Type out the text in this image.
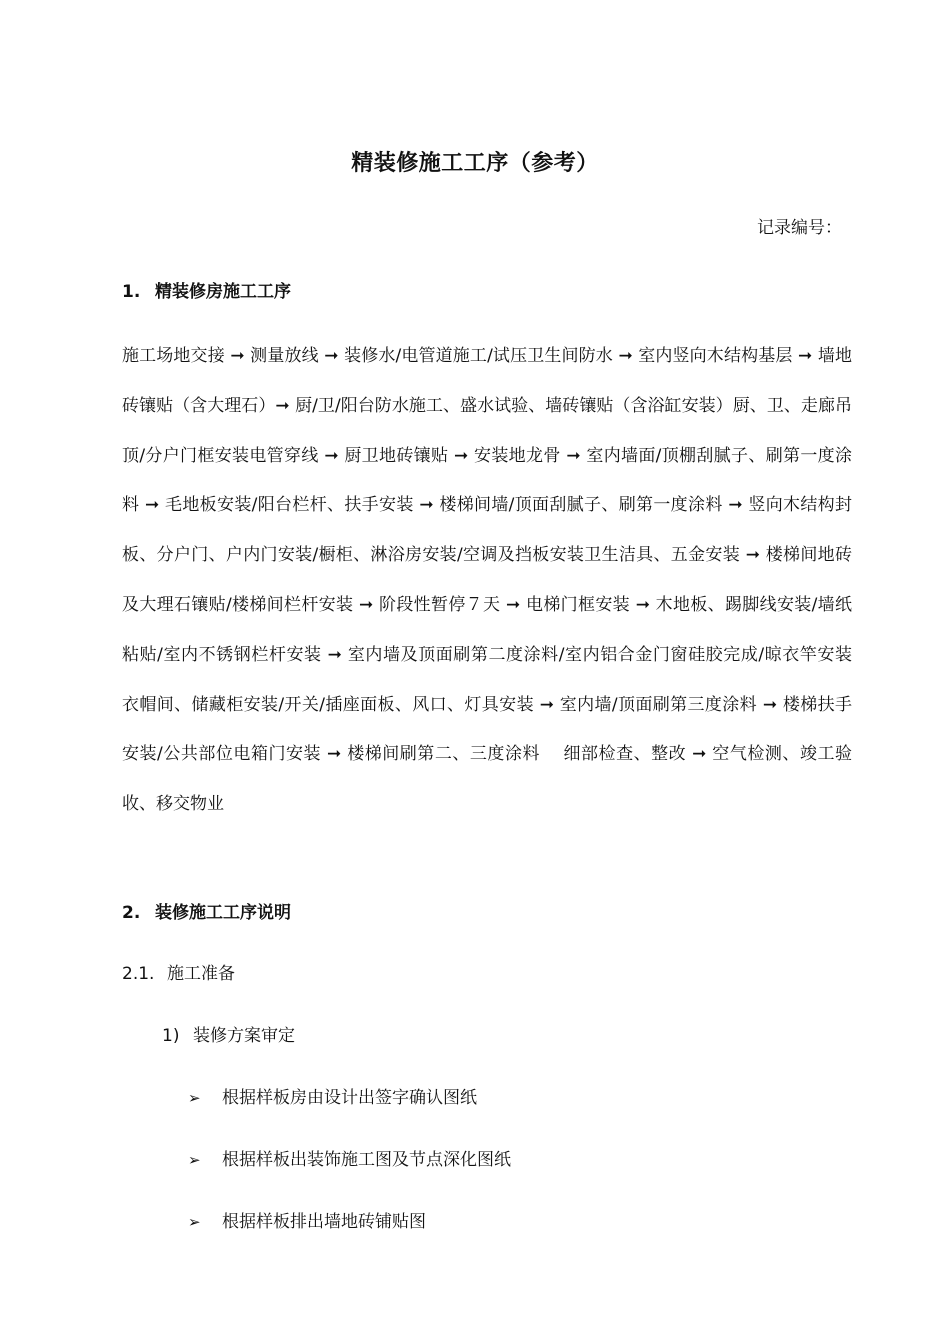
精装修施工工序（参考）
记录编号：
1. 精装修房施工工序

施工场地交接 ➞ 测量放线 ➞ 装修水/电管道施工/试压卫生间防水 ➞ 室内竖向木结构基层 ➞ 墙地砖镶贴（含大理石）➞ 厨/卫/阳台防水施工、盛水试验、墙砖镶贴（含浴缸安装）厨、卫、走廊吊顶/分户门框安装电管穿线 ➞ 厨卫地砖镶贴 ➞ 安装地龙骨 ➞ 室内墙面/顶棚刮腻子、刷第一度涂料 ➞ 毛地板安装/阳台栏杆、扶手安装 ➞ 楼梯间墙/顶面刮腻子、刷第一度涂料 ➞ 竖向木结构封板、分户门、户内门安装/橱柜、淋浴房安装/空调及挡板安装卫生洁具、五金安装 ➞ 楼梯间地砖及大理石镶贴/楼梯间栏杆安装 ➞ 阶段性暂停７天 ➞ 电梯门框安装 ➞ 木地板、踢脚线安装/墙纸粘贴/室内不锈钢栏杆安装 ➞ 室内墙及顶面刷第二度涂料/室内铝合金门窗硅胶完成/晾衣竿安装　衣帽间、储藏柜安装/开关/插座面板、风口、灯具安装 ➞ 室内墙/顶面刷第三度涂料 ➞ 楼梯扶手安装/公共部位电箱门安装 ➞ 楼梯间刷第二、三度涂料　 细部检查、整改 ➞ 空气检测、竣工验收、移交物业

2. 装修施工工序说明
2.1. 施工准备
1) 装修方案审定
➢ 根据样板房由设计出签字确认图纸
➢ 根据样板出装饰施工图及节点深化图纸
➢ 根据样板排出墙地砖铺贴图
